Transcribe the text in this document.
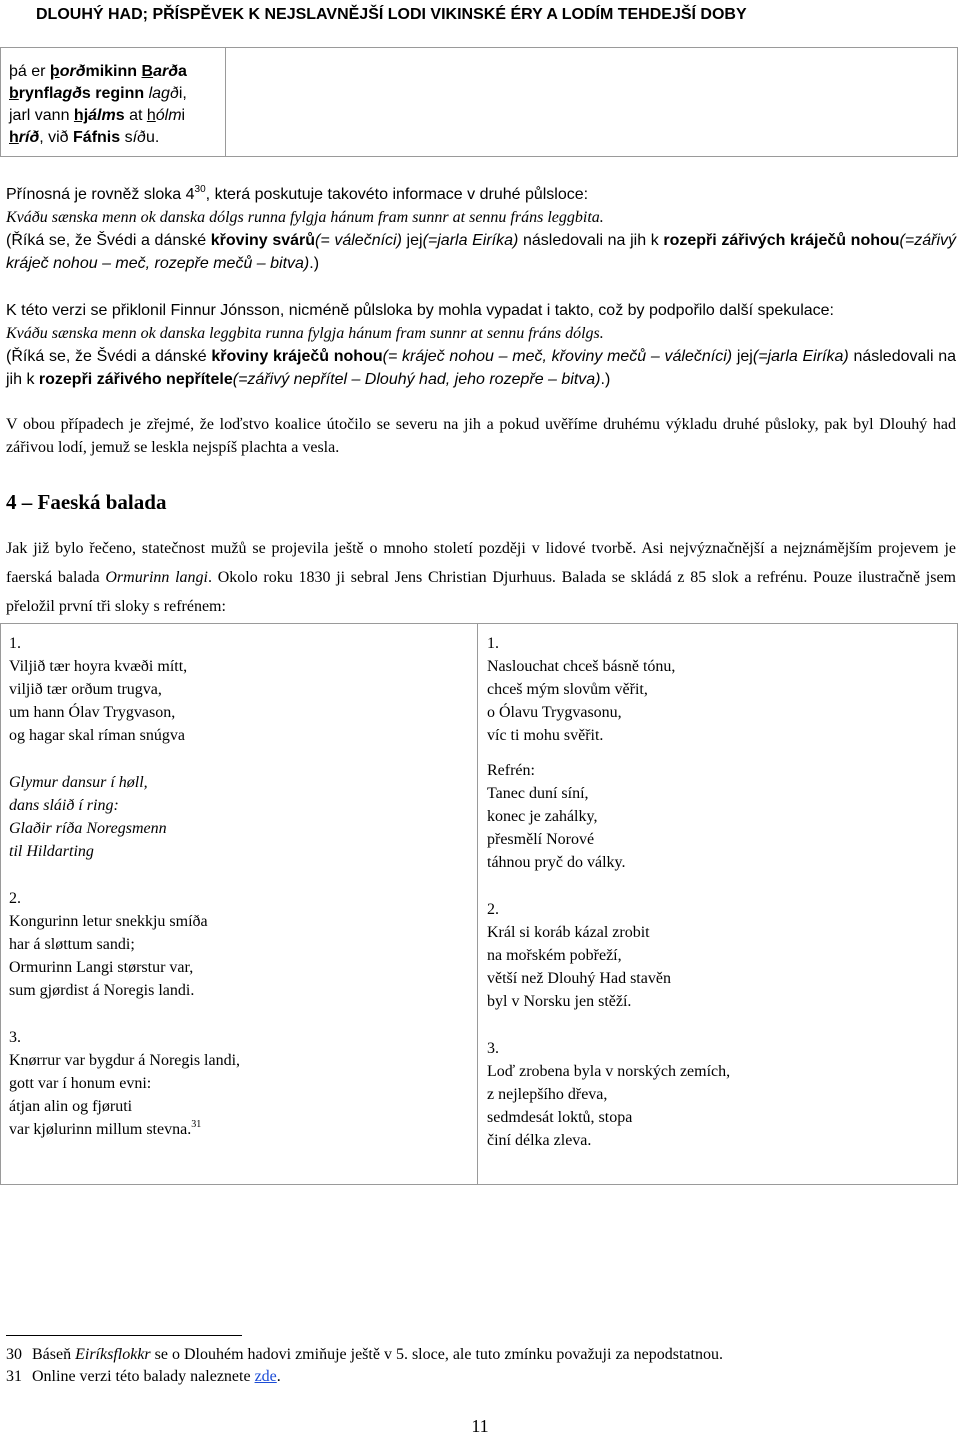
DLOUHÝ HAD; PŘÍSPĚVEK K NEJSLAVNĚJŠÍ LODI VIKINSKÉ ÉRY A LODÍM TEHDEJŠÍ DOBY
þá er þorðmikinn Barða
brynflagðs reginn lagði,
jarl vann hjálms at hólmi
hríð, við Fáfnis síðu.

Přínosná je rovněž sloka $4^{30}$, která poskutuje takovéto informace v druhé půlsloce:

Kváðu sænska menn ok danska dólgs runna fylgja hánum fram sunnr at sennu fráns leggbita.

(Říká se, že Švédi a dánské křoviny svárů(= válečníci) jej(=jarla Eiríka) následovali na jih k rozepři zářivých kráječů nohou(=zářivý kráječ nohou – meč, rozepře mečů – bitva).)

K této verzi se přiklonil Finnur Jónsson, nicméně půlsloka by mohla vypadat i takto, což by podpořilo další spekulace:

Kváðu sænska menn ok danska leggbita runna fylgja hánum fram sunnr at sennu fráns dólgs.

(Říká se, že Švédi a dánské křoviny kráječů nohou(= kráječ nohou – meč, křoviny mečů – válečníci) jej(=jarla Eiríka) následovali na jih k rozepři zářivého nepřítele(=zářivý nepřítel – Dlouhý had, jeho rozepře – bitva).)

V obou případech je zřejmé, že loďstvo koalice útočilo se severu na jih a pokud uvěříme druhému výkladu druhé půsloky, pak byl Dlouhý had zářivou lodí, jemuž se leskla nejspíš plachta a vesla.

4 – Faeská balada

Jak již bylo řečeno, statečnost mužů se projevila ještě o mnoho století později v lidové tvorbě. Asi nejvýznačnější a nejznámějším projevem je faerská balada Ormurinn langi. Okolo roku 1830 ji sebral Jens Christian Djurhuus. Balada se skládá z 85 slok a refrénu. Pouze ilustračně jsem přeložil první tři sloky s refrénem:

1.
Viljið tær hoyra kvæði mítt,
viljið tær orðum trugva,
um hann Ólav Trygvason,
og hagar skal ríman snúgva
Glymur dansur í høll,
dans sláið í ring:
Glaðir ríða Noregsmenn
til Hildarting
2.
Kongurinn letur snekkju smíða
har á sløttum sandi;
Ormurinn Langi størstur var,
sum gjørdist á Noregis landi.
3.
Knørrur var bygdur á Noregis landi,
gott var í honum evni:
átjan alin og fjøruti
var kjølurinn millum stevna.$^{31}$
1.
Naslouchat chceš básně tónu,
chceš mým slovům věřit,
o Ólavu Trygvasonu,
víc ti mohu svěřit.
Refrén:
Tanec duní síní,
konec je zahálky,
přesmělí Norové
táhnou pryč do války.
2.
Král si koráb kázal zrobit
na mořském pobřeží,
větší než Dlouhý Had stavěn
byl v Norsku jen stěží.
3.
Loď zrobena byla v norských zemích,
z nejlepšího dřeva,
sedmdesát loktů, stopa
činí délka zleva.
30 Báseň Eiríksflokkr se o Dlouhém hadovi zmiňuje ještě v 5. sloce, ale tuto zmínku považuji za nepodstatnou.
31 Online verzi této balady naleznete zde.
11
